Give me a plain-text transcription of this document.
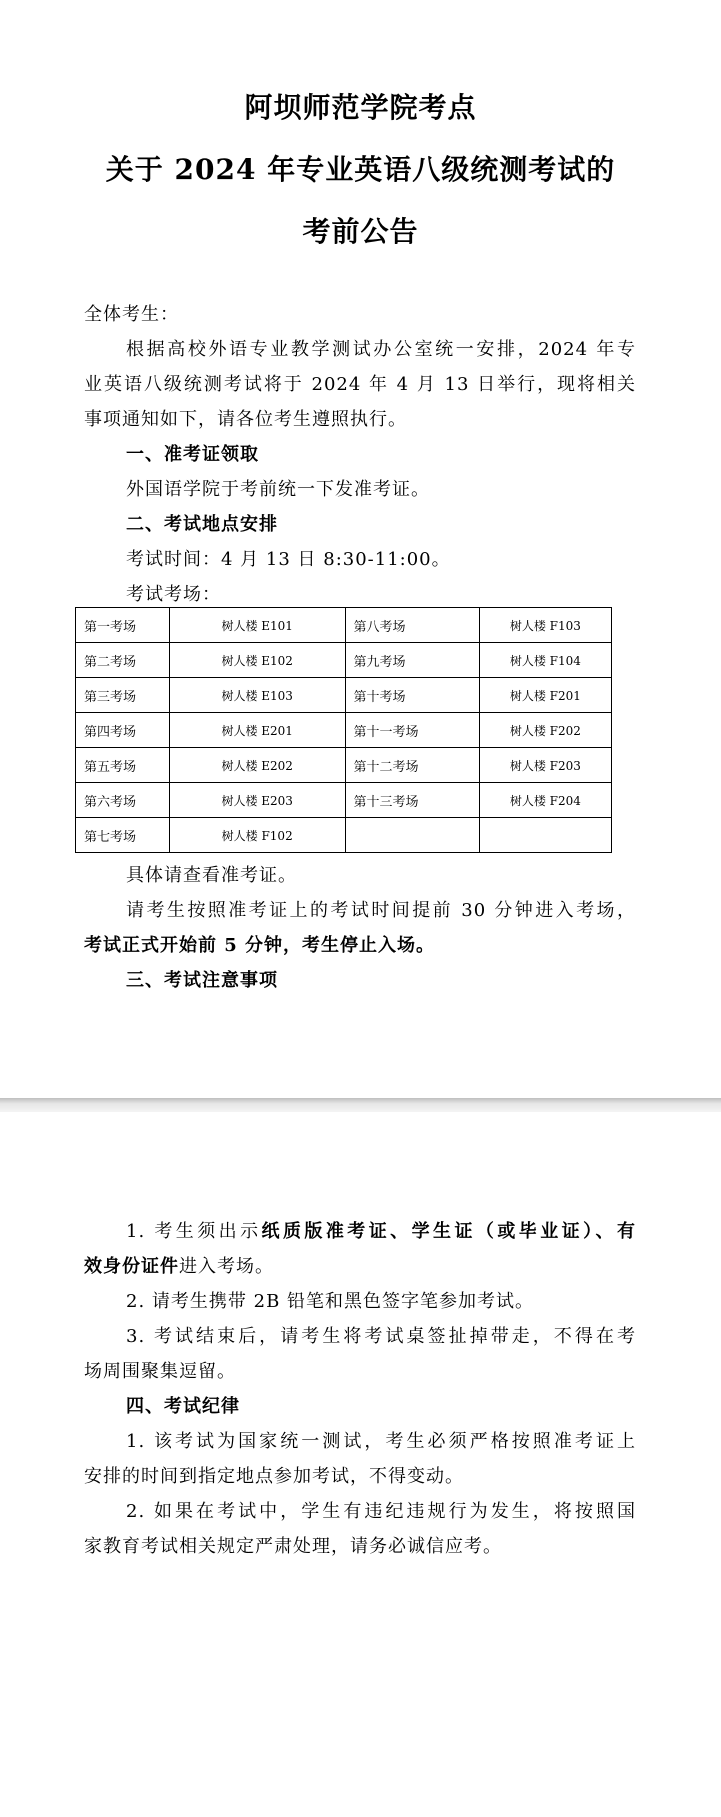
阿坝师范学院考点
关于 2024 年专业英语八级统测考试的
考前公告
全体考生：
根据高校外语专业教学测试办公室统一安排，2024 年专
业英语八级统测考试将于 2024 年 4 月 13 日举行，现将相关
事项通知如下，请各位考生遵照执行。
一、准考证领取
外国语学院于考前统一下发准考证。
二、考试地点安排
考试时间：4 月 13 日 8:30-11:00。
考试考场：
第一考场	树人楼 E101	第八考场	树人楼 F103
第二考场	树人楼 E102	第九考场	树人楼 F104
第三考场	树人楼 E103	第十考场	树人楼 F201
第四考场	树人楼 E201	第十一考场	树人楼 F202
第五考场	树人楼 E202	第十二考场	树人楼 F203
第六考场	树人楼 E203	第十三考场	树人楼 F204
第七考场	树人楼 F102		
具体请查看准考证。
请考生按照准考证上的考试时间提前 30 分钟进入考场，
考试正式开始前 5 分钟，考生停止入场。
三、考试注意事项
1. 考生须出示纸质版准考证、学生证（或毕业证）、有
效身份证件进入考场。
2. 请考生携带 2B 铅笔和黑色签字笔参加考试。
3. 考试结束后，请考生将考试桌签扯掉带走，不得在考
场周围聚集逗留。
四、考试纪律
1. 该考试为国家统一测试，考生必须严格按照准考证上
安排的时间到指定地点参加考试，不得变动。
2. 如果在考试中，学生有违纪违规行为发生，将按照国
家教育考试相关规定严肃处理，请务必诚信应考。
